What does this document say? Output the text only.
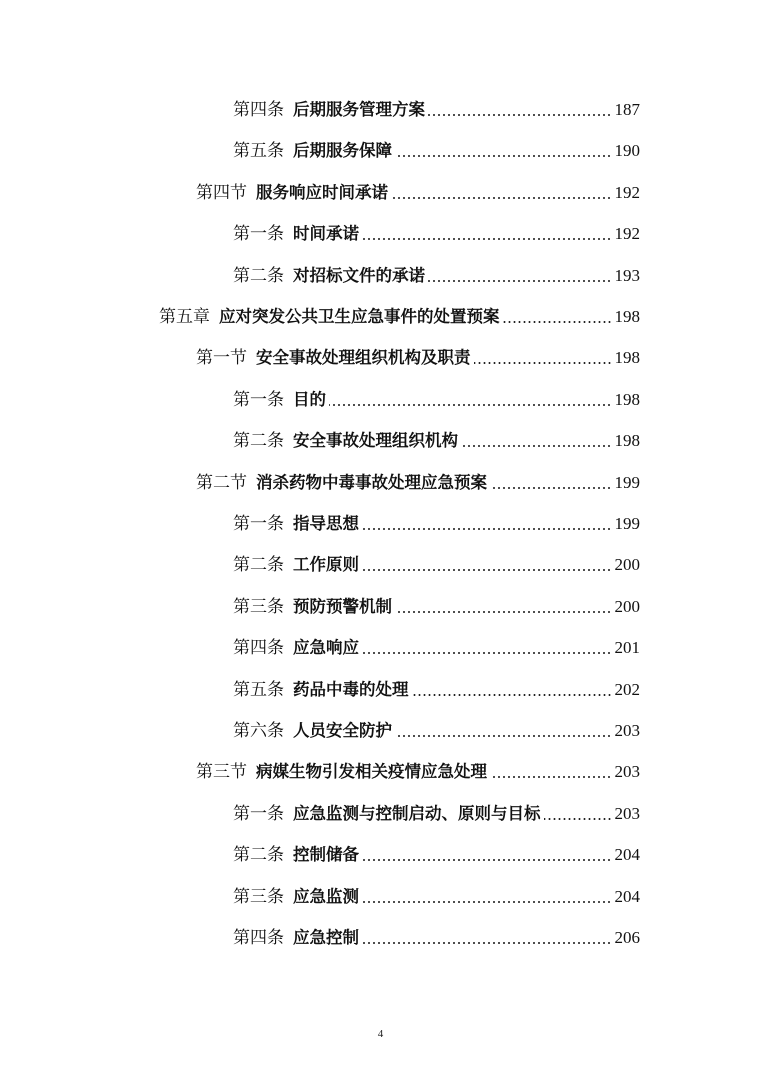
第四条 后期服务管理方案	187
第五条 后期服务保障	190
第四节 服务响应时间承诺	192
第一条 时间承诺	192
第二条 对招标文件的承诺	193
第五章 应对突发公共卫生应急事件的处置预案	198
第一节 安全事故处理组织机构及职责	198
第一条 目的	198
第二条 安全事故处理组织机构	198
第二节 消杀药物中毒事故处理应急预案	199
第一条 指导思想	199
第二条 工作原则	200
第三条 预防预警机制	200
第四条 应急响应	201
第五条 药品中毒的处理	202
第六条 人员安全防护	203
第三节 病媒生物引发相关疫情应急处理	203
第一条 应急监测与控制启动、原则与目标	203
第二条 控制储备	204
第三条 应急监测	204
第四条 应急控制	206
4
